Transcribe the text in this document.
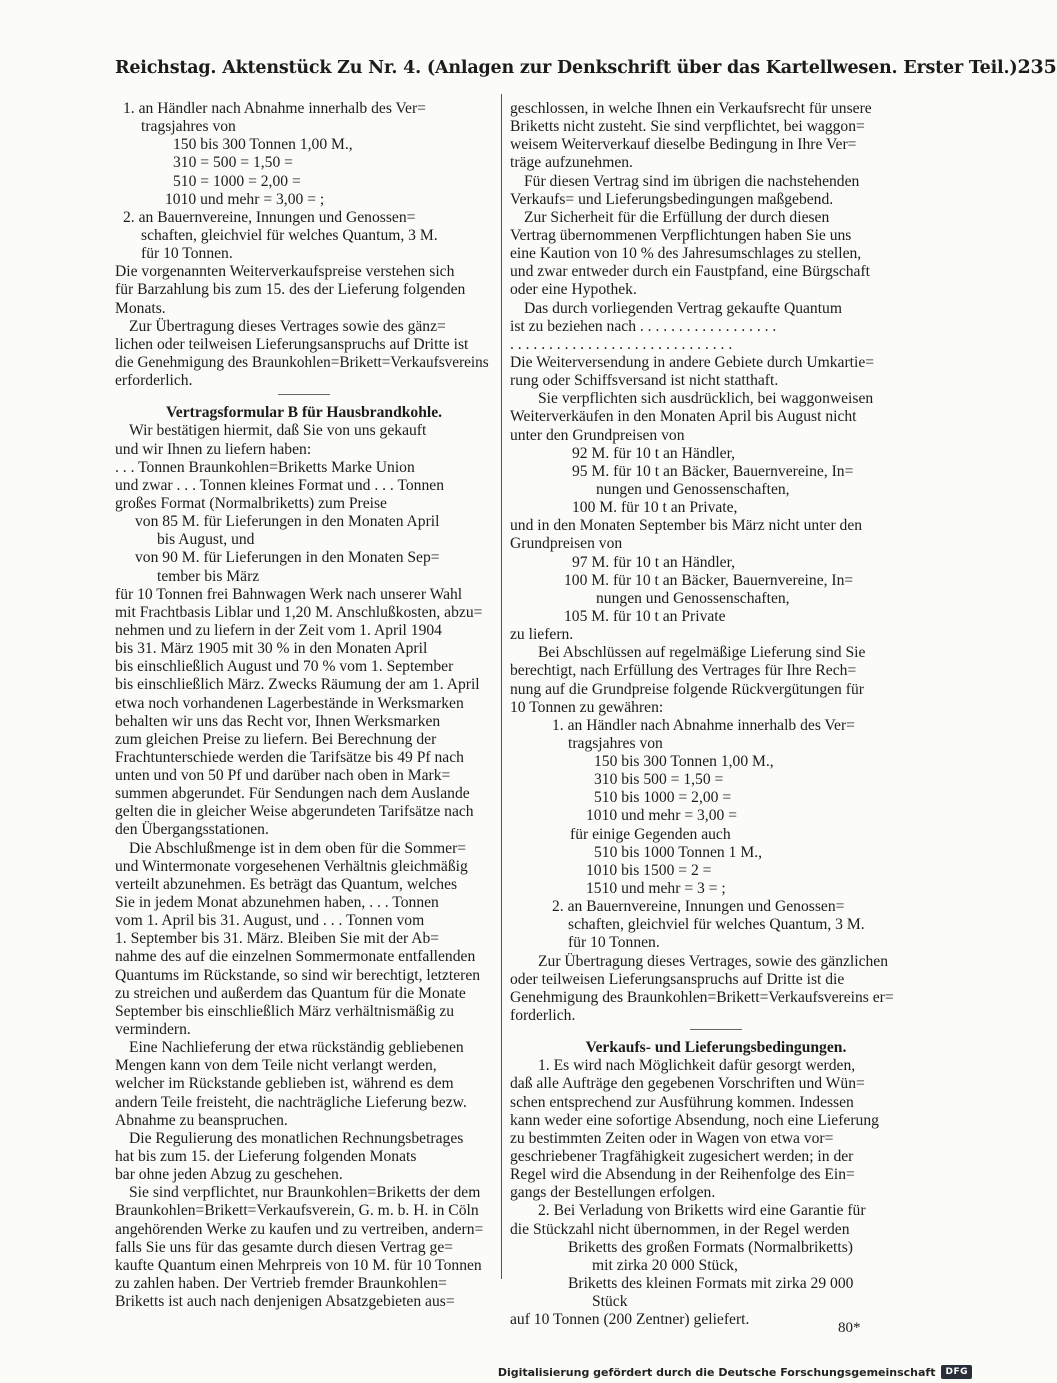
Reichstag. Aktenstück Zu Nr. 4. (Anlagen zur Denkschrift über das Kartellwesen. Erster Teil.) 235
1. an Händler nach Abnahme innerhalb des Ver=
tragsjahres von
150 bis 300 Tonnen 1,00 M.,
310 = 500 = 1,50 =
510 = 1000 = 2,00 =
1010 und mehr = 3,00 = ;
2. an Bauernvereine, Innungen und Genossen=
schaften, gleichviel für welches Quantum, 3 M.
für 10 Tonnen.
Die vorgenannten Weiterverkaufspreise verstehen sich
für Barzahlung bis zum 15. des der Lieferung folgenden
Monats.
Zur Übertragung dieses Vertrages sowie des gänz=
lichen oder teilweisen Lieferungsanspruchs auf Dritte ist
die Genehmigung des Braunkohlen=Brikett=Verkaufsvereins
erforderlich.
Vertragsformular B für Hausbrandkohle.
Wir bestätigen hiermit, daß Sie von uns gekauft
und wir Ihnen zu liefern haben:
. . . Tonnen Braunkohlen=Briketts Marke Union
und zwar . . . Tonnen kleines Format und . . . Tonnen
großes Format (Normalbriketts) zum Preise
von 85 M. für Lieferungen in den Monaten April
bis August, und
von 90 M. für Lieferungen in den Monaten Sep=
tember bis März
für 10 Tonnen frei Bahnwagen Werk nach unserer Wahl
mit Frachtbasis Liblar und 1,20 M. Anschlußkosten, abzu=
nehmen und zu liefern in der Zeit vom 1. April 1904
bis 31. März 1905 mit 30 % in den Monaten April
bis einschließlich August und 70 % vom 1. September
bis einschließlich März. Zwecks Räumung der am 1. April
etwa noch vorhandenen Lagerbestände in Werksmarken
behalten wir uns das Recht vor, Ihnen Werksmarken
zum gleichen Preise zu liefern. Bei Berechnung der
Frachtunterschiede werden die Tarifsätze bis 49 Pf nach
unten und von 50 Pf und darüber nach oben in Mark=
summen abgerundet. Für Sendungen nach dem Auslande
gelten die in gleicher Weise abgerundeten Tarifsätze nach
den Übergangsstationen.
Die Abschlußmenge ist in dem oben für die Sommer=
und Wintermonate vorgesehenen Verhältnis gleichmäßig
verteilt abzunehmen. Es beträgt das Quantum, welches
Sie in jedem Monat abzunehmen haben, . . . Tonnen
vom 1. April bis 31. August, und . . . Tonnen vom
1. September bis 31. März. Bleiben Sie mit der Ab=
nahme des auf die einzelnen Sommermonate entfallenden
Quantums im Rückstande, so sind wir berechtigt, letzteren
zu streichen und außerdem das Quantum für die Monate
September bis einschließlich März verhältnismäßig zu
vermindern.
Eine Nachlieferung der etwa rückständig gebliebenen
Mengen kann von dem Teile nicht verlangt werden,
welcher im Rückstande geblieben ist, während es dem
andern Teile freisteht, die nachträgliche Lieferung bezw.
Abnahme zu beanspruchen.
Die Regulierung des monatlichen Rechnungsbetrages
hat bis zum 15. der Lieferung folgenden Monats
bar ohne jeden Abzug zu geschehen.
Sie sind verpflichtet, nur Braunkohlen=Briketts der dem
Braunkohlen=Brikett=Verkaufsverein, G. m. b. H. in Cöln
angehörenden Werke zu kaufen und zu vertreiben, andern=
falls Sie uns für das gesamte durch diesen Vertrag ge=
kaufte Quantum einen Mehrpreis von 10 M. für 10 Tonnen
zu zahlen haben. Der Vertrieb fremder Braunkohlen=
Briketts ist auch nach denjenigen Absatzgebieten aus=
geschlossen, in welche Ihnen ein Verkaufsrecht für unsere
Briketts nicht zusteht. Sie sind verpflichtet, bei waggon=
weisem Weiterverkauf dieselbe Bedingung in Ihre Ver=
träge aufzunehmen.
Für diesen Vertrag sind im übrigen die nachstehenden
Verkaufs= und Lieferungsbedingungen maßgebend.
Zur Sicherheit für die Erfüllung der durch diesen
Vertrag übernommenen Verpflichtungen haben Sie uns
eine Kaution von 10 % des Jahresumschlages zu stellen,
und zwar entweder durch ein Faustpfand, eine Bürgschaft
oder eine Hypothek.
Das durch vorliegenden Vertrag gekaufte Quantum
ist zu beziehen nach . . . . . . . . . . . . . . . . . .
. . . . . . . . . . . . . . . . . . . . . . . . . . . . .
Die Weiterversendung in andere Gebiete durch Umkartie=
rung oder Schiffsversand ist nicht statthaft.
Sie verpflichten sich ausdrücklich, bei waggonweisen
Weiterverkäufen in den Monaten April bis August nicht
unter den Grundpreisen von
92 M. für 10 t an Händler,
95 M. für 10 t an Bäcker, Bauernvereine, In=
nungen und Genossenschaften,
100 M. für 10 t an Private,
und in den Monaten September bis März nicht unter den
Grundpreisen von
97 M. für 10 t an Händler,
100 M. für 10 t an Bäcker, Bauernvereine, In=
nungen und Genossenschaften,
105 M. für 10 t an Private
zu liefern.
Bei Abschlüssen auf regelmäßige Lieferung sind Sie
berechtigt, nach Erfüllung des Vertrages für Ihre Rech=
nung auf die Grundpreise folgende Rückvergütungen für
10 Tonnen zu gewähren:
1. an Händler nach Abnahme innerhalb des Ver=
tragsjahres von
150 bis 300 Tonnen 1,00 M.,
310 bis 500 = 1,50 =
510 bis 1000 = 2,00 =
1010 und mehr = 3,00 =
für einige Gegenden auch
510 bis 1000 Tonnen 1 M.,
1010 bis 1500 = 2 =
1510 und mehr = 3 = ;
2. an Bauernvereine, Innungen und Genossen=
schaften, gleichviel für welches Quantum, 3 M.
für 10 Tonnen.
Zur Übertragung dieses Vertrages, sowie des gänzlichen
oder teilweisen Lieferungsanspruchs auf Dritte ist die
Genehmigung des Braunkohlen=Brikett=Verkaufsvereins er=
forderlich.
Verkaufs- und Lieferungsbedingungen.
1. Es wird nach Möglichkeit dafür gesorgt werden,
daß alle Aufträge den gegebenen Vorschriften und Wün=
schen entsprechend zur Ausführung kommen. Indessen
kann weder eine sofortige Absendung, noch eine Lieferung
zu bestimmten Zeiten oder in Wagen von etwa vor=
geschriebener Tragfähigkeit zugesichert werden; in der
Regel wird die Absendung in der Reihenfolge des Ein=
gangs der Bestellungen erfolgen.
2. Bei Verladung von Briketts wird eine Garantie für
die Stückzahl nicht übernommen, in der Regel werden
Briketts des großen Formats (Normalbriketts)
mit zirka 20 000 Stück,
Briketts des kleinen Formats mit zirka 29 000
Stück
auf 10 Tonnen (200 Zentner) geliefert.	80*
Digitalisierung gefördert durch die Deutsche Forschungsgemeinschaft	DFG
